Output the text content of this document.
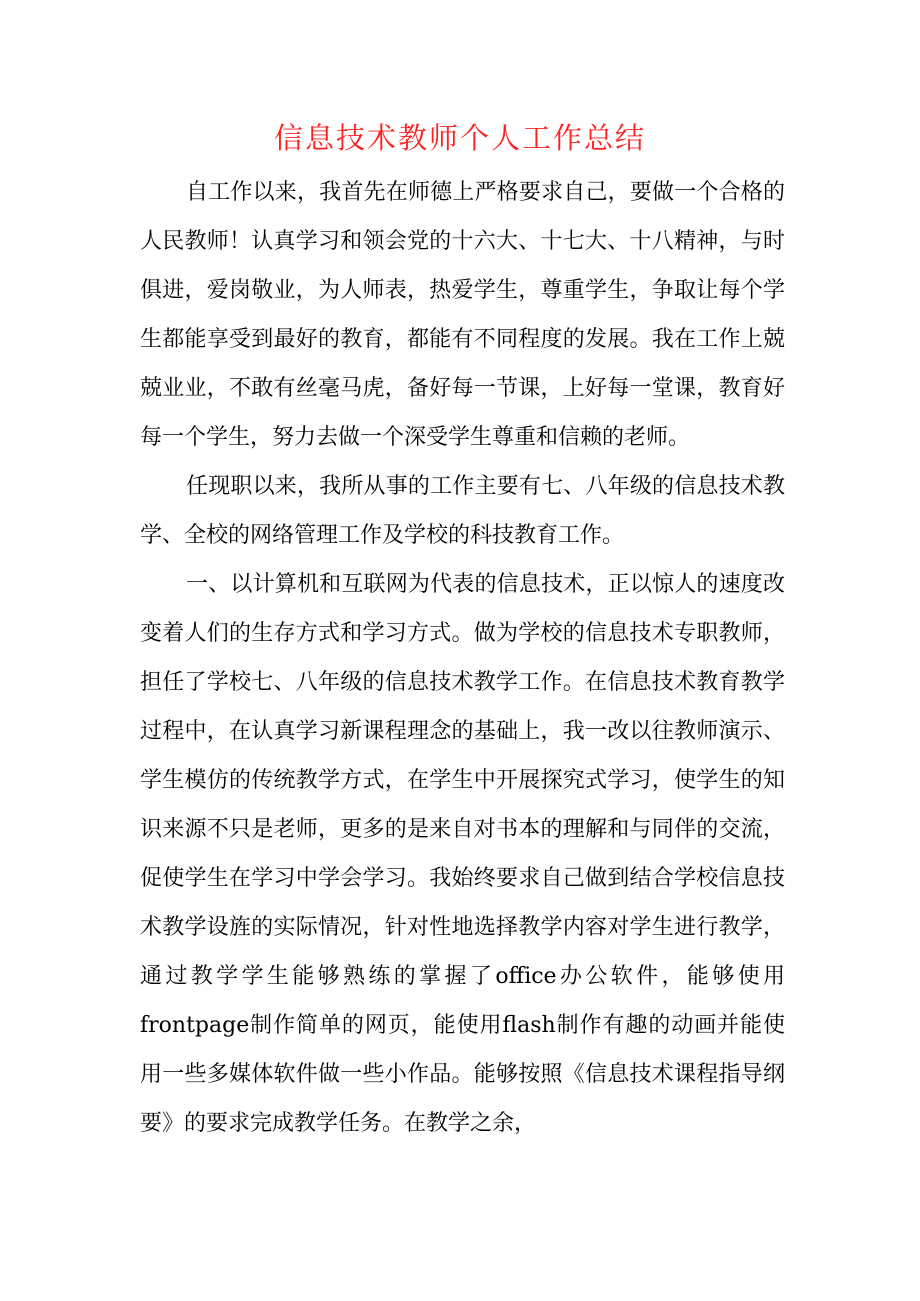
信息技术教师个人工作总结

自工作以来，我首先在师德上严格要求自己，要做一个合格的人民教师！认真学习和领会党的十六大、十七大、十八精神，与时俱进，爱岗敬业，为人师表，热爱学生，尊重学生，争取让每个学生都能享受到最好的教育，都能有不同程度的发展。我在工作上兢兢业业，不敢有丝毫马虎，备好每一节课，上好每一堂课，教育好每一个学生，努力去做一个深受学生尊重和信赖的老师。

任现职以来，我所从事的工作主要有七、八年级的信息技术教学、全校的网络管理工作及学校的科技教育工作。

一、以计算机和互联网为代表的信息技术，正以惊人的速度改变着人们的生存方式和学习方式。做为学校的信息技术专职教师，担任了学校七、八年级的信息技术教学工作。在信息技术教育教学过程中，在认真学习新课程理念的基础上，我一改以往教师演示、学生模仿的传统教学方式，在学生中开展探究式学习，使学生的知识来源不只是老师，更多的是来自对书本的理解和与同伴的交流，促使学生在学习中学会学习。我始终要求自己做到结合学校信息技术教学设旌的实际情况，针对性地选择教学内容对学生进行教学，通过教学学生能够熟练的掌握了office办公软件，能够使用frontpage制作简单的网页，能使用flash制作有趣的动画并能使用一些多媒体软件做一些小作品。能够按照《信息技术课程指导纲要》的要求完成教学任务。在教学之余，
